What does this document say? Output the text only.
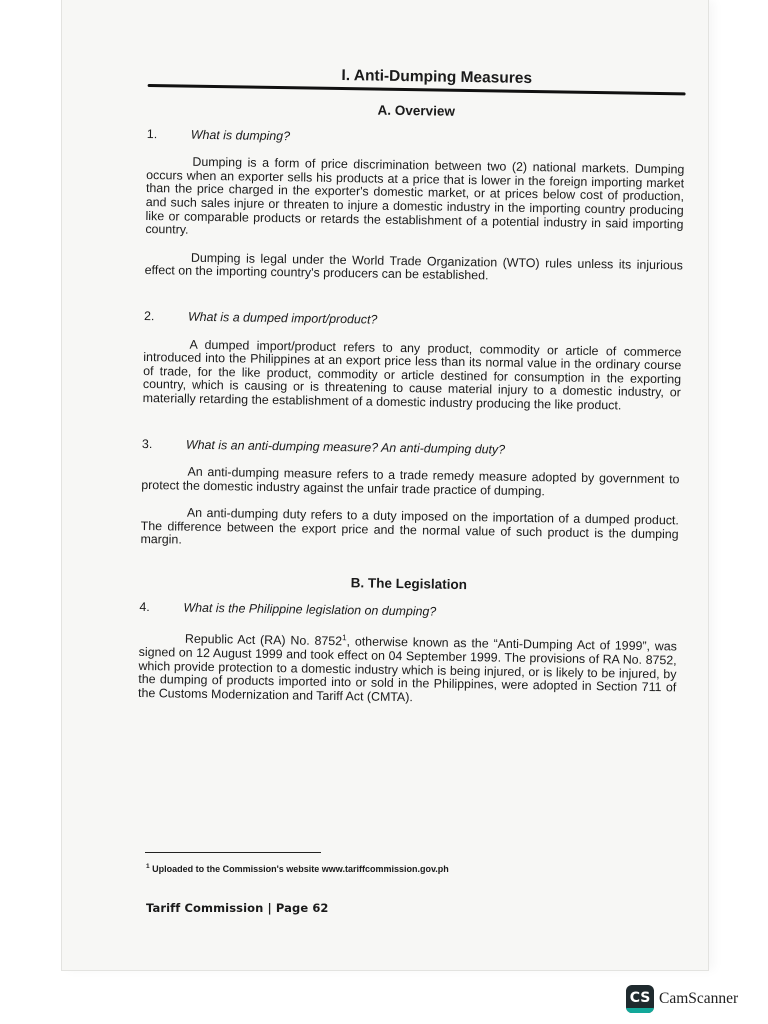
I. Anti-Dumping Measures
A. Overview
1.	What is dumping?

Dumping is a form of price discrimination between two (2) national markets. Dumping occurs when an exporter sells his products at a price that is lower in the foreign importing market than the price charged in the exporter's domestic market, or at prices below cost of production, and such sales injure or threaten to injure a domestic industry in the importing country producing like or comparable products or retards the establishment of a potential industry in said importing country.

Dumping is legal under the World Trade Organization (WTO) rules unless its injurious effect on the importing country's producers can be established.

2.	What is a dumped import/product?

A dumped import/product refers to any product, commodity or article of commerce introduced into the Philippines at an export price less than its normal value in the ordinary course of trade, for the like product, commodity or article destined for consumption in the exporting country, which is causing or is threatening to cause material injury to a domestic industry, or materially retarding the establishment of a domestic industry producing the like product.

3.	What is an anti-dumping measure? An anti-dumping duty?

An anti-dumping measure refers to a trade remedy measure adopted by government to protect the domestic industry against the unfair trade practice of dumping.

An anti-dumping duty refers to a duty imposed on the importation of a dumped product. The difference between the export price and the normal value of such product is the dumping margin.

B. The Legislation
4.	What is the Philippine legislation on dumping?

Republic Act (RA) No. 8752$^1$, otherwise known as the “Anti-Dumping Act of 1999”, was signed on 12 August 1999 and took effect on 04 September 1999. The provisions of RA No. 8752, which provide protection to a domestic industry which is being injured, or is likely to be injured, by the dumping of products imported into or sold in the Philippines, were adopted in Section 711 of the Customs Modernization and Tariff Act (CMTA).

$^1$ Uploaded to the Commission's website www.tariffcommission.gov.ph
Tariff Commission | Page 62
CS CamScanner
